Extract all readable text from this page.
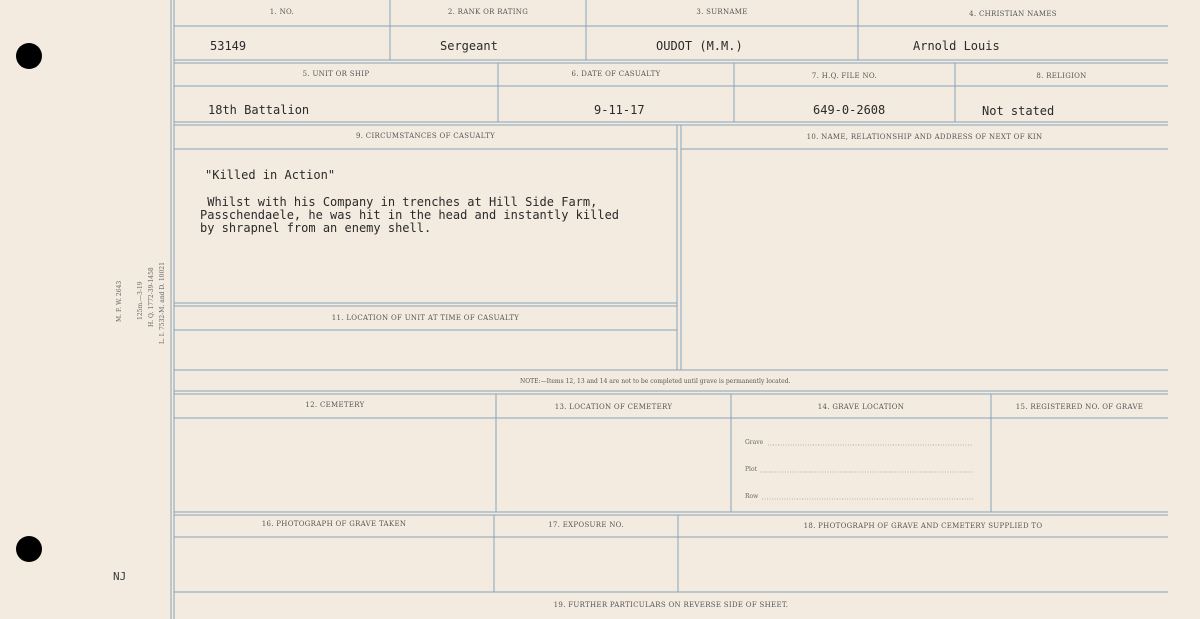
1. NO.	2. RANK OR RATING	3. SURNAME	4. CHRISTIAN NAMES
53149	Sergeant	OUDOT (M.M.)	Arnold Louis
5. UNIT OR SHIP	6. DATE OF CASUALTY	7. H.Q. FILE NO.	8. RELIGION
18th Battalion	9-11-17	649-0-2608	Not stated
9. CIRCUMSTANCES OF CASUALTY	10. NAME, RELATIONSHIP AND ADDRESS OF NEXT OF KIN
"Killed in Action"
Whilst with his Company in trenches at Hill Side Farm,
Passchendaele, he was hit in the head and instantly killed
by shrapnel from an enemy shell.
11. LOCATION OF UNIT AT TIME OF CASUALTY
NOTE:—Items 12, 13 and 14 are not to be completed until grave is permanently located.
12. CEMETERY	13. LOCATION OF CEMETERY	14. GRAVE LOCATION	15. REGISTERED NO. OF GRAVE
Grave
Plot
Row
16. PHOTOGRAPH OF GRAVE TAKEN	17. EXPOSURE NO.	18. PHOTOGRAPH OF GRAVE AND CEMETERY SUPPLIED TO
19. FURTHER PARTICULARS ON REVERSE SIDE OF SHEET.
M. F. W. 2643 125m.—3-19 H. Q. 1772-39-1458 L. I. 7532-M. and D. 10021
NJ
